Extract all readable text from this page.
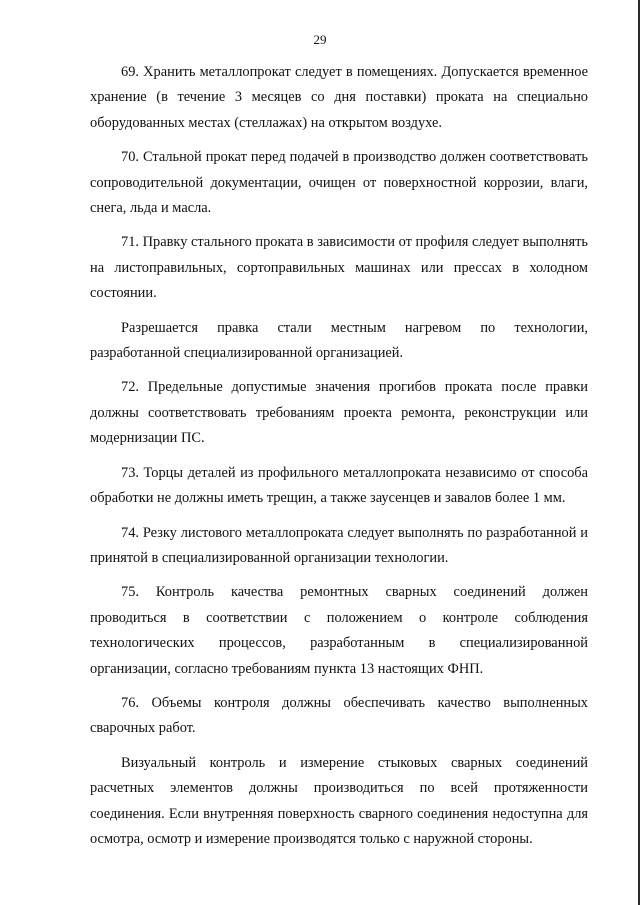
29

69. Хранить металлопрокат следует в помещениях. Допускается временное хранение (в течение 3 месяцев со дня поставки) проката на специально оборудованных местах (стеллажах) на открытом воздухе.

70. Стальной прокат перед подачей в производство должен соответствовать сопроводительной документации, очищен от поверхностной коррозии, влаги, снега, льда и масла.

71. Правку стального проката в зависимости от профиля следует выполнять на листоправильных, сортоправильных машинах или прессах в холодном состоянии.

Разрешается правка стали местным нагревом по технологии, разработанной специализированной организацией.

72. Предельные допустимые значения прогибов проката после правки должны соответствовать требованиям проекта ремонта, реконструкции или модернизации ПС.

73. Торцы деталей из профильного металлопроката независимо от способа обработки не должны иметь трещин, а также заусенцев и завалов более 1 мм.

74. Резку листового металлопроката следует выполнять по разработанной и принятой в специализированной организации технологии.

75. Контроль качества ремонтных сварных соединений должен проводиться в соответствии с положением о контроле соблюдения технологических процессов, разработанным в специализированной организации, согласно требованиям пункта 13 настоящих ФНП.

76. Объемы контроля должны обеспечивать качество выполненных сварочных работ.

Визуальный контроль и измерение стыковых сварных соединений расчетных элементов должны производиться по всей протяженности соединения. Если внутренняя поверхность сварного соединения недоступна для осмотра, осмотр и измерение производятся только с наружной стороны.
